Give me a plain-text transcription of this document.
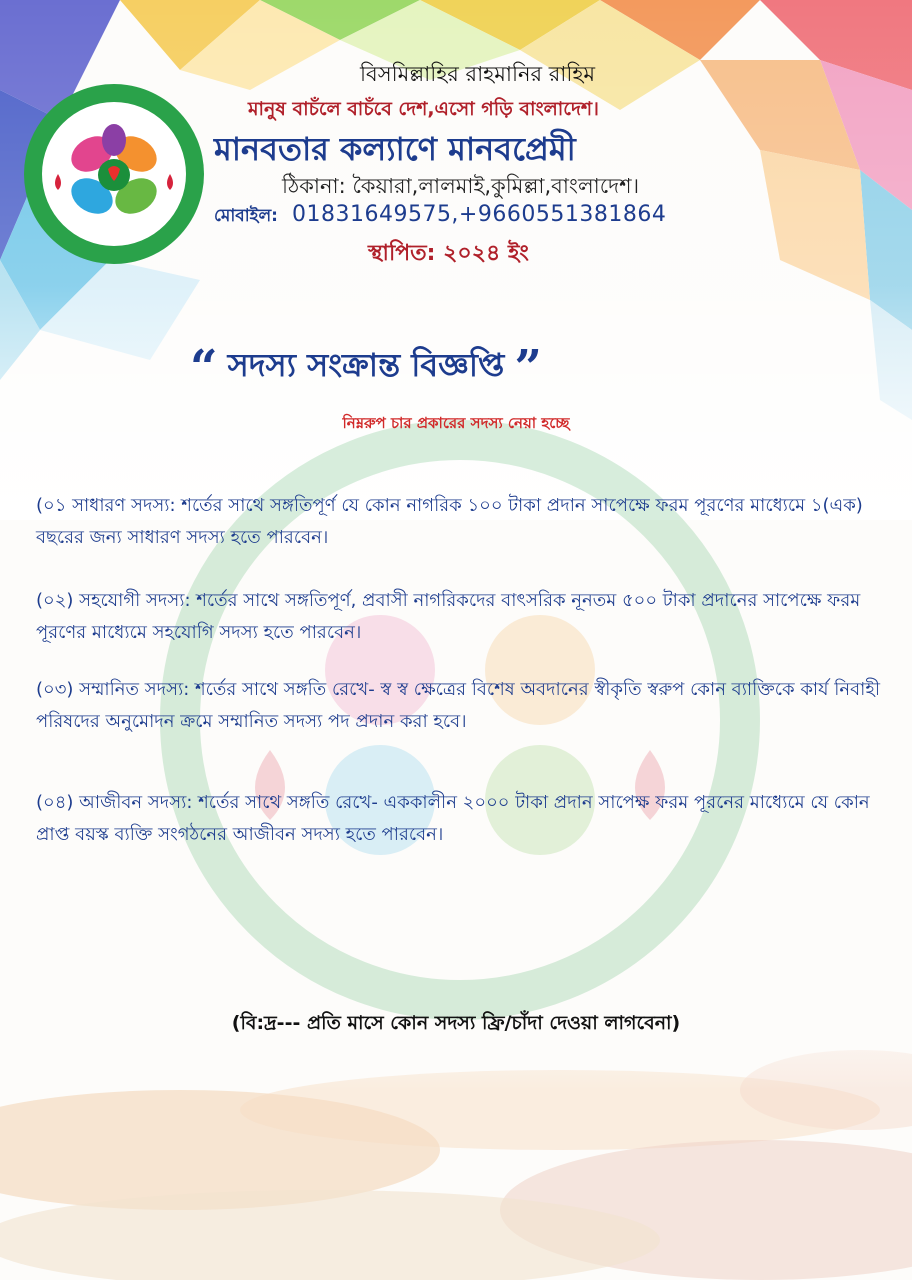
বিসমিল্লাহির রাহমানির রাহিম
মানুষ বাচঁলে বাচঁবে দেশ,এসো গড়ি বাংলাদেশ।
মানবতার কল্যাণে মানবপ্রেমী
ঠিকানা: কৈয়ারা,লালমাই,কুমিল্লা,বাংলাদেশ।
মোবাইল: 01831649575,+9660551381864
স্থাপিত: ২০২৪ ইং
“ সদস্য সংক্রান্ত বিজ্ঞপ্তি ”
নিম্নরুপ চার প্রকারের সদস্য নেয়া হচ্ছে
(০১ সাধারণ সদস্য: শর্তের সাথে সঙ্গতিপূর্ণ যে কোন নাগরিক ১০০ টাকা প্রদান সাপেক্ষে ফরম পূরণের মাধ্যেমে ১(এক) বছরের জন্য সাধারণ সদস্য হতে পারবেন।
(০২) সহযোগী সদস্য: শর্তের সাথে সঙ্গতিপূর্ণ, প্রবাসী নাগরিকদের বাৎসরিক নূনতম ৫০০ টাকা প্রদানের সাপেক্ষে ফরম পূরণের মাধ্যেমে সহযোগি সদস্য হতে পারবেন।
(০৩) সম্মানিত সদস্য: শর্তের সাথে সঙ্গতি রেখে- স্ব স্ব ক্ষেত্রের বিশেষ অবদানের স্বীকৃতি স্বরুপ কোন ব্যাক্তিকে কার্য নিবাহী পরিষদের অনুমোদন ক্রমে সম্মানিত সদস্য পদ প্রদান করা হবে।
(০৪) আজীবন সদস্য: শর্তের সাথে সঙ্গতি রেখে- এককালীন ২০০০ টাকা প্রদান সাপেক্ষ ফরম পূরনের মাধ্যেমে যে কোন প্রাপ্ত বয়স্ক ব্যক্তি সংগঠনের আজীবন সদস্য হতে পারবেন।
(বি:দ্র--- প্রতি মাসে কোন সদস্য ফ্রি/চাঁদা দেওয়া লাগবেনা)
